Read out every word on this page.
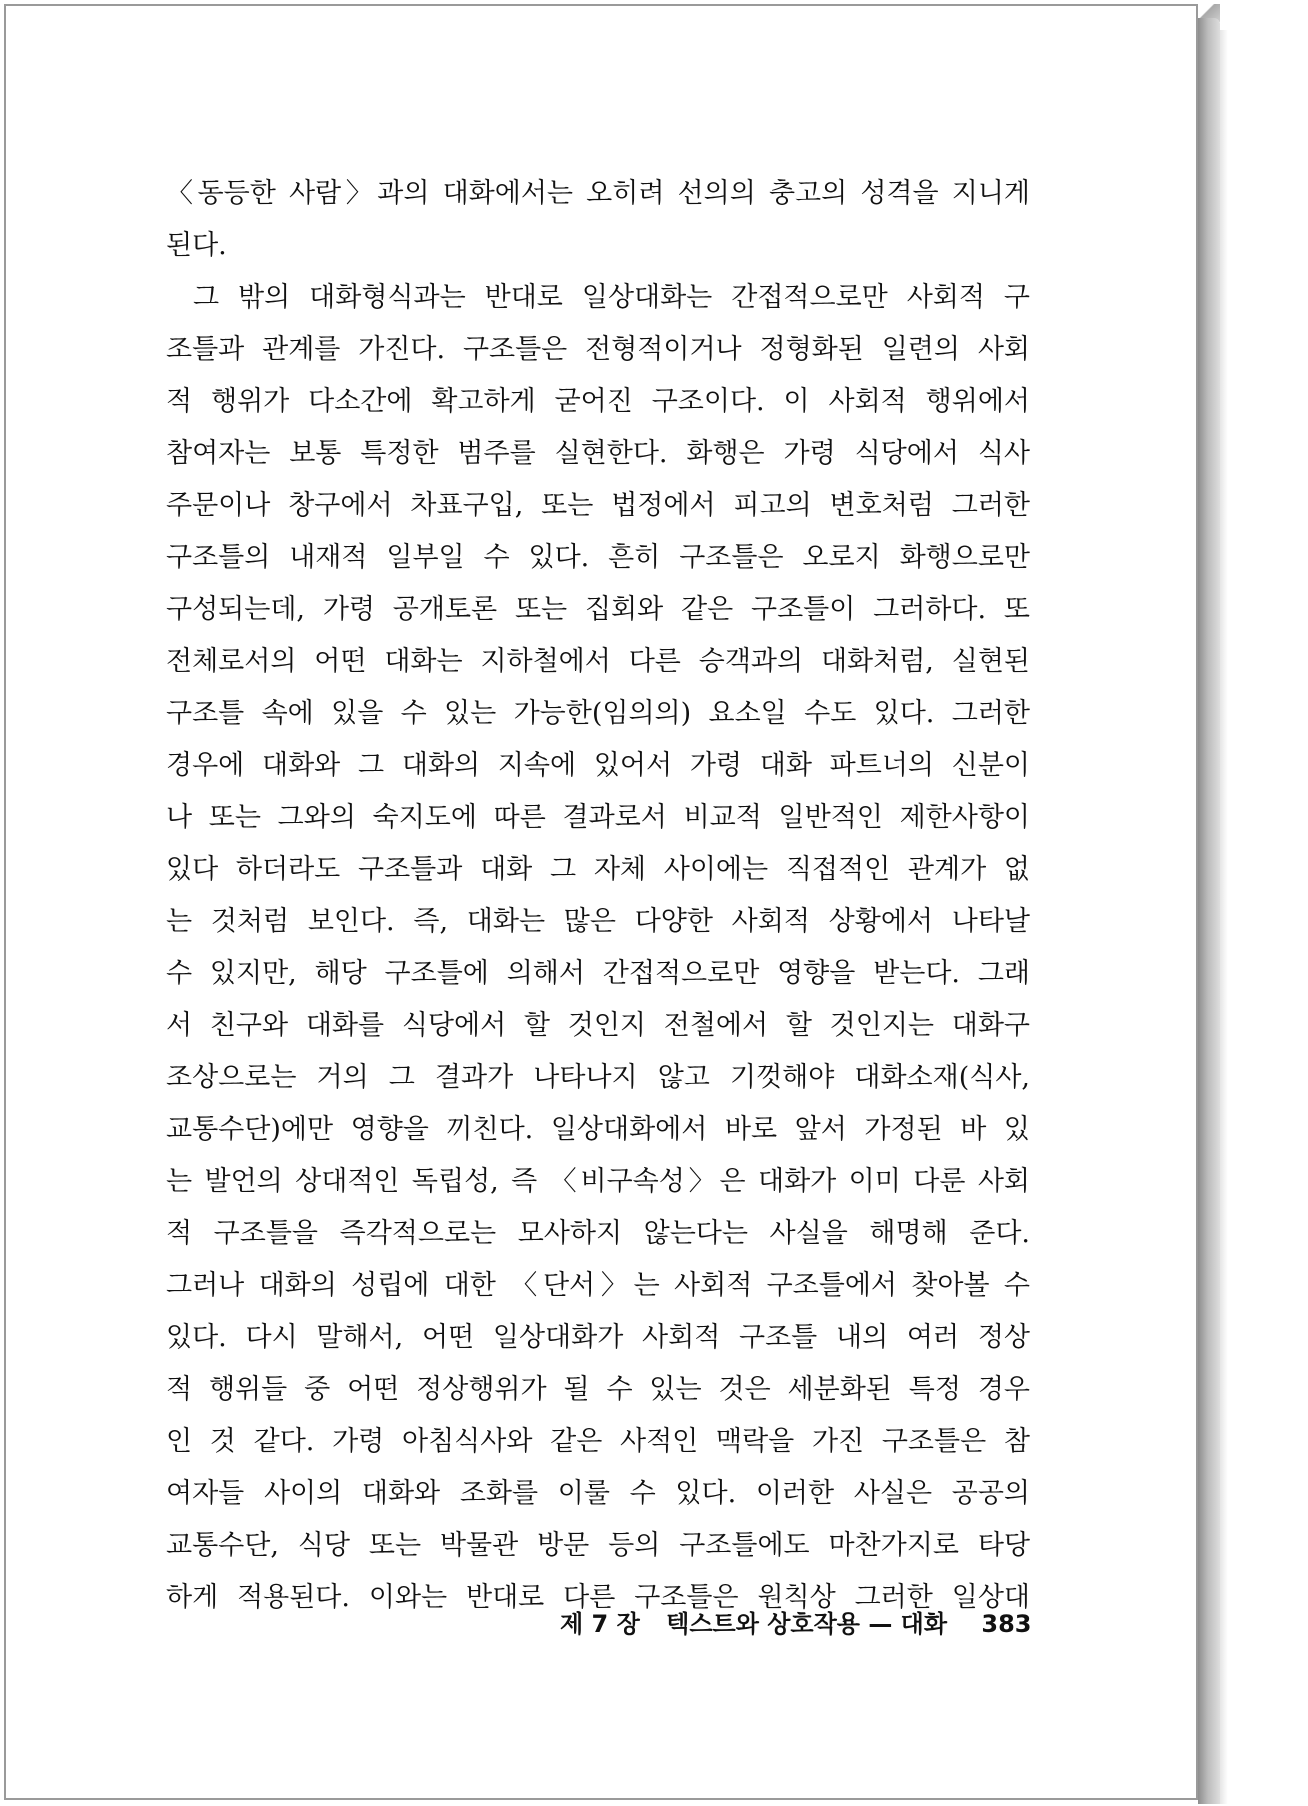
〈동등한 사람〉과의 대화에서는 오히려 선의의 충고의 성격을 지니게
된다.
그 밖의 대화형식과는 반대로 일상대화는 간접적으로만 사회적 구
조틀과 관계를 가진다. 구조틀은 전형적이거나 정형화된 일련의 사회
적 행위가 다소간에 확고하게 굳어진 구조이다. 이 사회적 행위에서
참여자는 보통 특정한 범주를 실현한다. 화행은 가령 식당에서 식사
주문이나 창구에서 차표구입, 또는 법정에서 피고의 변호처럼 그러한
구조틀의 내재적 일부일 수 있다. 흔히 구조틀은 오로지 화행으로만
구성되는데, 가령 공개토론 또는 집회와 같은 구조틀이 그러하다. 또
전체로서의 어떤 대화는 지하철에서 다른 승객과의 대화처럼, 실현된
구조틀 속에 있을 수 있는 가능한(임의의) 요소일 수도 있다. 그러한
경우에 대화와 그 대화의 지속에 있어서 가령 대화 파트너의 신분이
나 또는 그와의 숙지도에 따른 결과로서 비교적 일반적인 제한사항이
있다 하더라도 구조틀과 대화 그 자체 사이에는 직접적인 관계가 없
는 것처럼 보인다. 즉, 대화는 많은 다양한 사회적 상황에서 나타날
수 있지만, 해당 구조틀에 의해서 간접적으로만 영향을 받는다. 그래
서 친구와 대화를 식당에서 할 것인지 전철에서 할 것인지는 대화구
조상으로는 거의 그 결과가 나타나지 않고 기껏해야 대화소재(식사,
교통수단)에만 영향을 끼친다. 일상대화에서 바로 앞서 가정된 바 있
는 발언의 상대적인 독립성, 즉 〈비구속성〉은 대화가 이미 다룬 사회
적 구조틀을 즉각적으로는 모사하지 않는다는 사실을 해명해 준다.
그러나 대화의 성립에 대한 〈단서〉는 사회적 구조틀에서 찾아볼 수
있다. 다시 말해서, 어떤 일상대화가 사회적 구조틀 내의 여러 정상
적 행위들 중 어떤 정상행위가 될 수 있는 것은 세분화된 특정 경우
인 것 같다. 가령 아침식사와 같은 사적인 맥락을 가진 구조틀은 참
여자들 사이의 대화와 조화를 이룰 수 있다. 이러한 사실은 공공의
교통수단, 식당 또는 박물관 방문 등의 구조틀에도 마찬가지로 타당
하게 적용된다. 이와는 반대로 다른 구조틀은 원칙상 그러한 일상대
제 7 장 텍스트와 상호작용 — 대화 383
